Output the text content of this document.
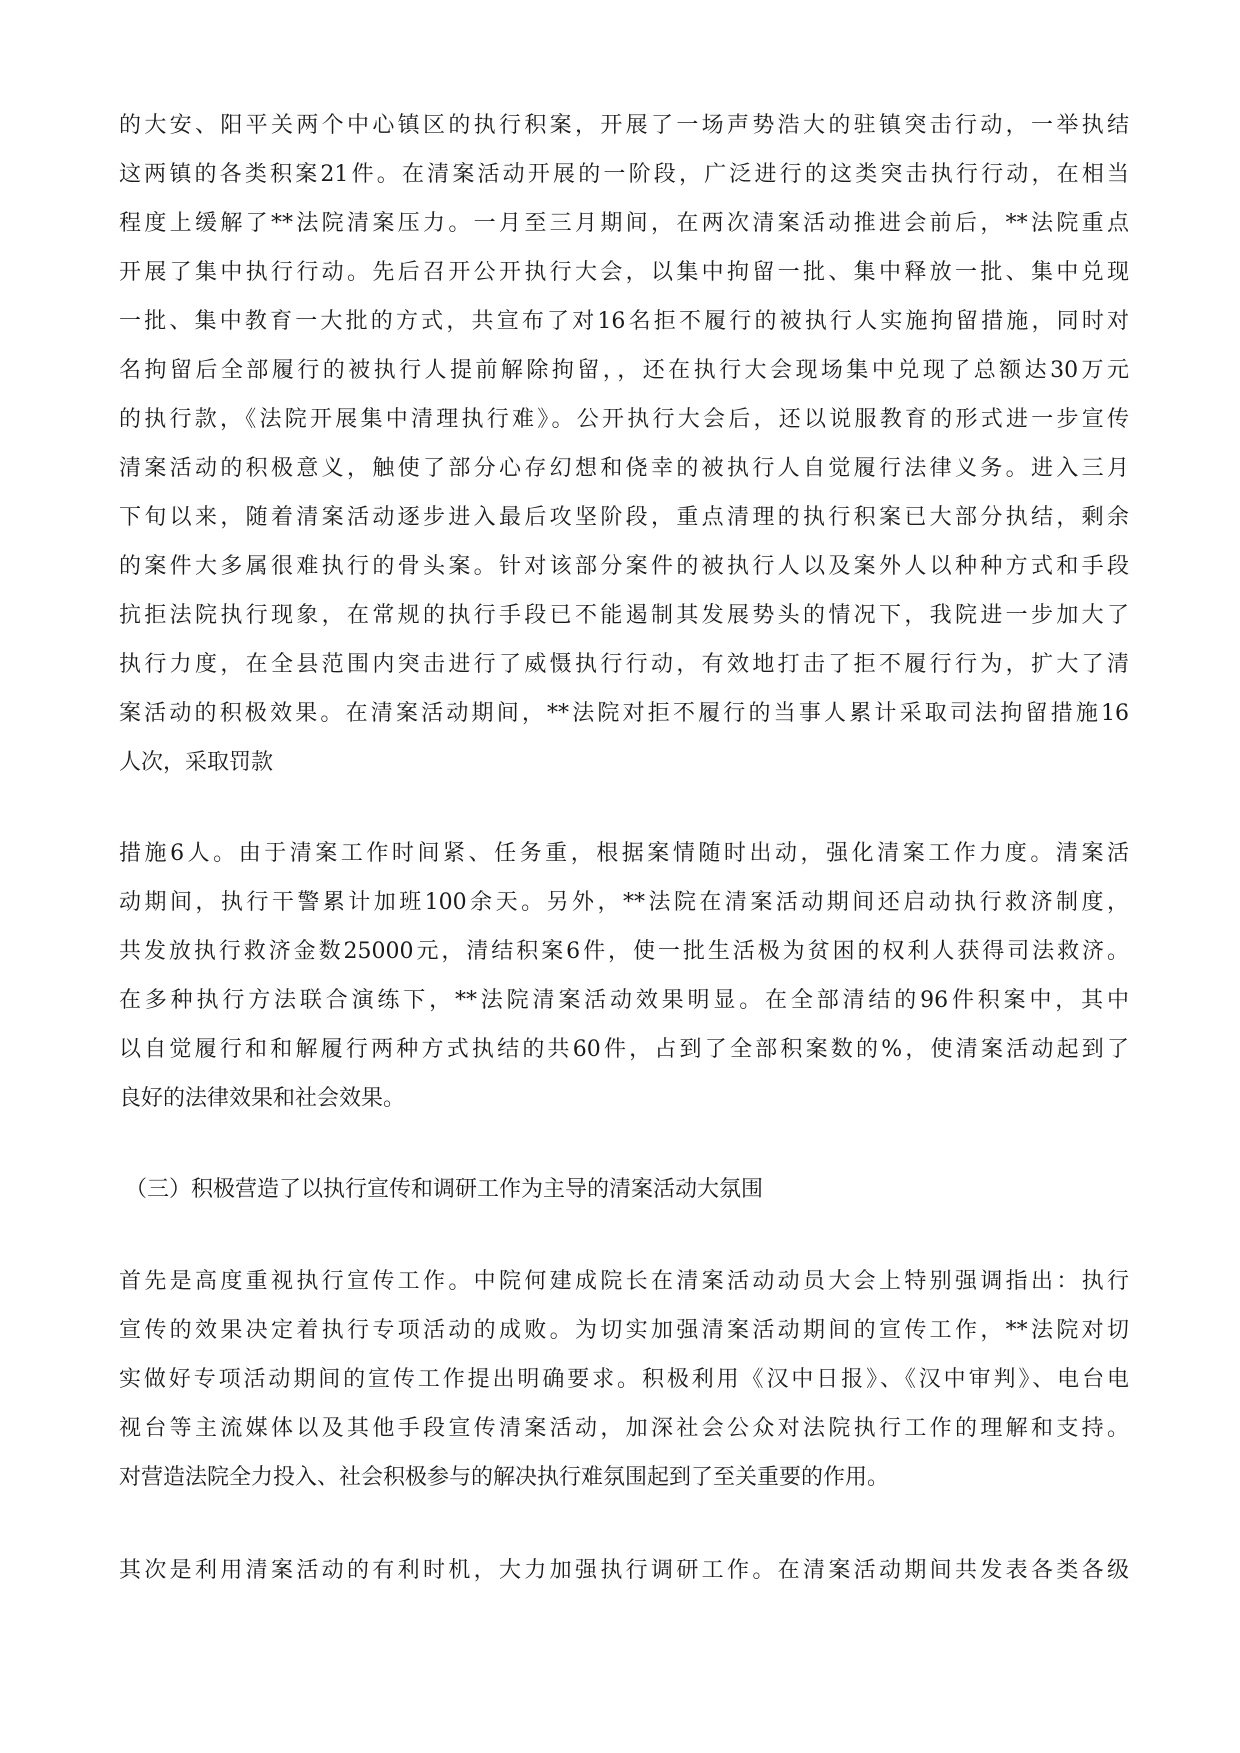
的大安、阳平关两个中心镇区的执行积案，开展了一场声势浩大的驻镇突击行动，一举执结
这两镇的各类积案21件。在清案活动开展的一阶段，广泛进行的这类突击执行行动，在相当
程度上缓解了**法院清案压力。一月至三月期间，在两次清案活动推进会前后，**法院重点
开展了集中执行行动。先后召开公开执行大会，以集中拘留一批、集中释放一批、集中兑现
一批、集中教育一大批的方式，共宣布了对16名拒不履行的被执行人实施拘留措施，同时对
名拘留后全部履行的被执行人提前解除拘留，，还在执行大会现场集中兑现了总额达30万元
的执行款，《法院开展集中清理执行难》。公开执行大会后，还以说服教育的形式进一步宣传
清案活动的积极意义，触使了部分心存幻想和侥幸的被执行人自觉履行法律义务。进入三月
下旬以来，随着清案活动逐步进入最后攻坚阶段，重点清理的执行积案已大部分执结，剩余
的案件大多属很难执行的骨头案。针对该部分案件的被执行人以及案外人以种种方式和手段
抗拒法院执行现象，在常规的执行手段已不能遏制其发展势头的情况下，我院进一步加大了
执行力度，在全县范围内突击进行了威慑执行行动，有效地打击了拒不履行行为，扩大了清
案活动的积极效果。在清案活动期间，**法院对拒不履行的当事人累计采取司法拘留措施16
人次，采取罚款
措施6人。由于清案工作时间紧、任务重，根据案情随时出动，强化清案工作力度。清案活
动期间，执行干警累计加班100余天。另外，**法院在清案活动期间还启动执行救济制度，
共发放执行救济金数25000元，清结积案6件，使一批生活极为贫困的权利人获得司法救济。
在多种执行方法联合演练下，**法院清案活动效果明显。在全部清结的96件积案中，其中
以自觉履行和和解履行两种方式执结的共60件，占到了全部积案数的%，使清案活动起到了
良好的法律效果和社会效果。
（三）积极营造了以执行宣传和调研工作为主导的清案活动大氛围
首先是高度重视执行宣传工作。中院何建成院长在清案活动动员大会上特别强调指出：执行
宣传的效果决定着执行专项活动的成败。为切实加强清案活动期间的宣传工作，**法院对切
实做好专项活动期间的宣传工作提出明确要求。积极利用《汉中日报》、《汉中审判》、电台电
视台等主流媒体以及其他手段宣传清案活动，加深社会公众对法院执行工作的理解和支持。
对营造法院全力投入、社会积极参与的解决执行难氛围起到了至关重要的作用。
其次是利用清案活动的有利时机，大力加强执行调研工作。在清案活动期间共发表各类各级
